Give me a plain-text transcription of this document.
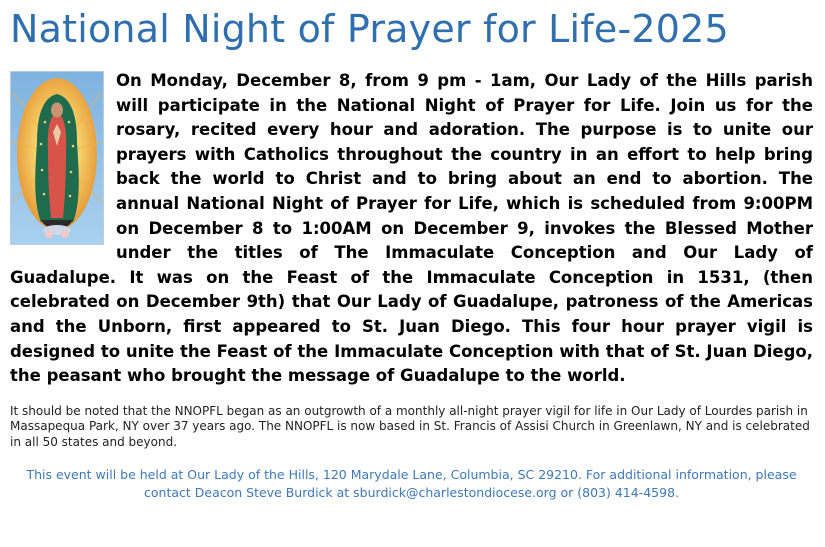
National Night of Prayer for Life-2025

On Monday, December 8, from 9 pm - 1am, Our Lady of the Hills parish will participate in the National Night of Prayer for Life. Join us for the rosary, recited every hour and adoration. The purpose is to unite our prayers with Catholics throughout the country in an effort to help bring back the world to Christ and to bring about an end to abortion. The annual National Night of Prayer for Life, which is scheduled from 9:00PM on December 8 to 1:00AM on December 9, invokes the Blessed Mother under the titles of The Immaculate Conception and Our Lady of Guadalupe. It was on the Feast of the Immaculate Conception in 1531, (then celebrated on December 9th) that Our Lady of Guadalupe, patroness of the Americas and the Unborn, first appeared to St. Juan Diego. This four hour prayer vigil is designed to unite the Feast of the Immaculate Conception with that of St. Juan Diego, the peasant who brought the message of Guadalupe to the world.

It should be noted that the NNOPFL began as an outgrowth of a monthly all-night prayer vigil for life in Our Lady of Lourdes parish in Massapequa Park, NY over 37 years ago. The NNOPFL is now based in St. Francis of Assisi Church in Greenlawn, NY and is celebrated in all 50 states and beyond.

This event will be held at Our Lady of the Hills, 120 Marydale Lane, Columbia, SC 29210. For additional information, please contact Deacon Steve Burdick at sburdick@charlestondiocese.org or (803) 414-4598.
